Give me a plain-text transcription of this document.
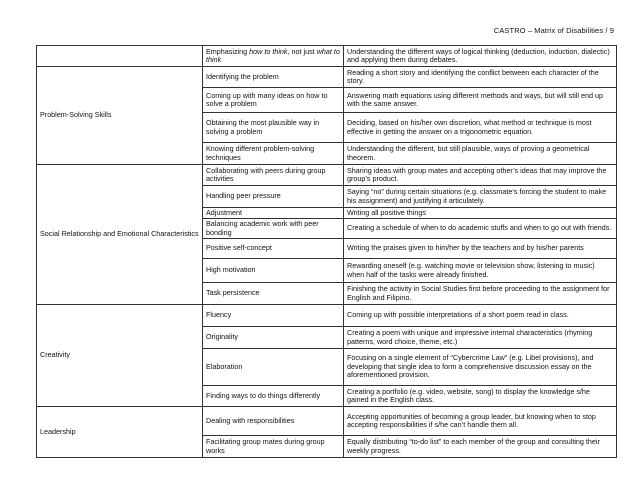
CASTRO – Matrix of Disabilities / 9
	Emphasizing how to think, not just what to think	Understanding the different ways of logical thinking (deduction, induction, dialectic) and applying them during debates.
Problem-Solving Skills	Identifying the problem	Reading a short story and identifying the conflict between each character of the story.
	Coming up with many ideas on how to solve a problem	Answering math equations using different methods and ways, but will still end up with the same answer.
	Obtaining the most plausible way in solving a problem	Deciding, based on his/her own discretion, what method or technique is most effective in getting the answer on a trigonometric equation.
	Knowing different problem-solving techniques	Understanding the different, but still plausible, ways of proving a geometrical theorem.
Social Relationship and Emotional Characteristics	Collaborating with peers during group activities	Sharing ideas with group mates and accepting other’s ideas that may improve the group’s product.
	Handling peer pressure	Saying “no” during certain situations (e.g. classmate’s forcing the student to make his assignment) and justifying it articulately.
	Adjustment	Writing all positive things
	Balancing academic work with peer bonding	Creating a schedule of when to do academic stuffs and when to go out with friends.
	Positive self-concept	Writing the praises given to him/her by the teachers and by his/her parents
	High motivation	Rewarding oneself (e.g. watching movie or television show, listening to music) when half of the tasks were already finished.
	Task persistence	Finishing the activity in Social Studies first before proceeding to the assignment for English and Filipino.
Creativity	Fluency	Coming up with possible interpretations of a short poem read in class.
	Originality	Creating a poem with unique and impressive internal characteristics (rhyming patterns, word choice, theme, etc.)
	Elaboration	Focusing on a single element of “Cybercrime Law” (e.g. Libel provisions), and developing that single idea to form a comprehensive discussion essay on the aforementioned provision.
	Finding ways to do things differently	Creating a portfolio (e.g. video, website, song) to display the knowledge s/he gained in the English class.
Leadership	Dealing with responsibilities	Accepting opportunities of becoming a group leader, but knowing when to stop accepting responsibilities if s/he can’t handle them all.
	Facilitating group mates during group works	Equally distributing “to-do list” to each member of the group and consulting their weekly progress.
